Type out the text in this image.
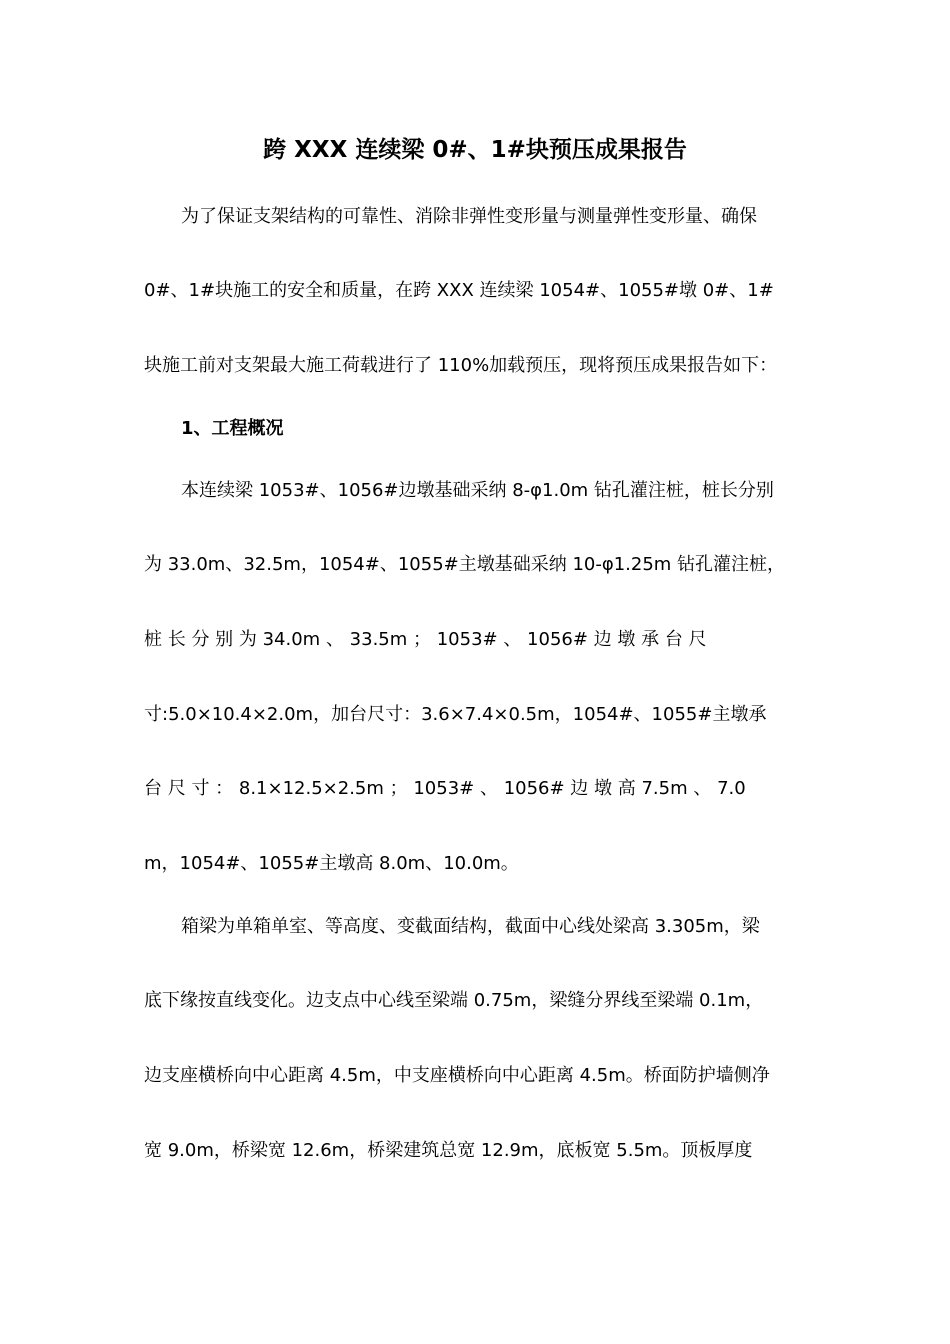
跨 XXX 连续梁 0#、1#块预压成果报告
为了保证支架结构的可靠性、消除非弹性变形量与测量弹性变形量、确保
0#、1#块施工的安全和质量，在跨 XXX 连续梁 1054#、1055#墩 0#、1#
块施工前对支架最大施工荷载进行了 110%加载预压，现将预压成果报告如下：
1、工程概况
本连续梁 1053#、1056#边墩基础采纳 8-φ1.0m 钻孔灌注桩，桩长分别
为 33.0m、32.5m，1054#、1055#主墩基础采纳 10-φ1.25m 钻孔灌注桩，
桩 长 分 别 为 34.0m 、 33.5m ； 1053# 、 1056# 边 墩 承 台 尺
寸:5.0×10.4×2.0m，加台尺寸：3.6×7.4×0.5m，1054#、1055#主墩承
台 尺 寸 ： 8.1×12.5×2.5m ； 1053# 、 1056# 边 墩 高 7.5m 、 7.0
m，1054#、1055#主墩高 8.0m、10.0m。
箱梁为单箱单室、等高度、变截面结构，截面中心线处梁高 3.305m，梁
底下缘按直线变化。边支点中心线至梁端 0.75m，梁缝分界线至梁端 0.1m，
边支座横桥向中心距离 4.5m，中支座横桥向中心距离 4.5m。桥面防护墙侧净
宽 9.0m，桥梁宽 12.6m，桥梁建筑总宽 12.9m，底板宽 5.5m。顶板厚度
